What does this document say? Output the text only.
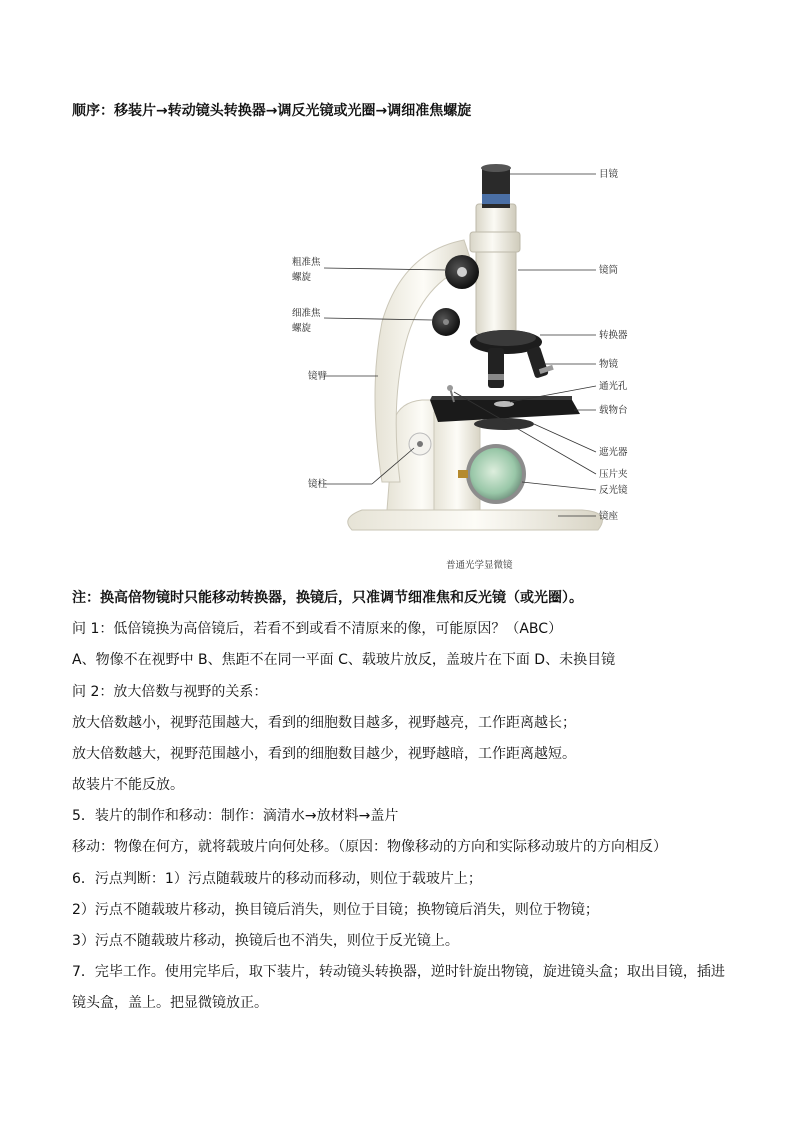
顺序：移装片→转动镜头转换器→调反光镜或光圈→调细准焦螺旋
目镜
镜筒
转换器
物镜
通光孔
载物台
遮光器
压片夹
反光镜
镜座
粗准焦
螺旋
细准焦
螺旋
镜臂
镜柱
普通光学显微镜
注：换高倍物镜时只能移动转换器，换镜后，只准调节细准焦和反光镜（或光圈）。
问 1：低倍镜换为高倍镜后，若看不到或看不清原来的像，可能原因？（ABC）
A、物像不在视野中 B、焦距不在同一平面 C、载玻片放反，盖玻片在下面 D、未换目镜
问 2：放大倍数与视野的关系：
放大倍数越小，视野范围越大，看到的细胞数目越多，视野越亮，工作距离越长；
放大倍数越大，视野范围越小，看到的细胞数目越少，视野越暗，工作距离越短。
故装片不能反放。
5．装片的制作和移动：制作：滴清水→放材料→盖片
移动：物像在何方，就将载玻片向何处移。（原因：物像移动的方向和实际移动玻片的方向相反）
6．污点判断：1）污点随载玻片的移动而移动，则位于载玻片上；
2）污点不随载玻片移动，换目镜后消失，则位于目镜；换物镜后消失，则位于物镜；
3）污点不随载玻片移动，换镜后也不消失，则位于反光镜上。
7．完毕工作。使用完毕后，取下装片，转动镜头转换器，逆时针旋出物镜，旋进镜头盒；取出目镜，插进
镜头盒，盖上。把显微镜放正。
